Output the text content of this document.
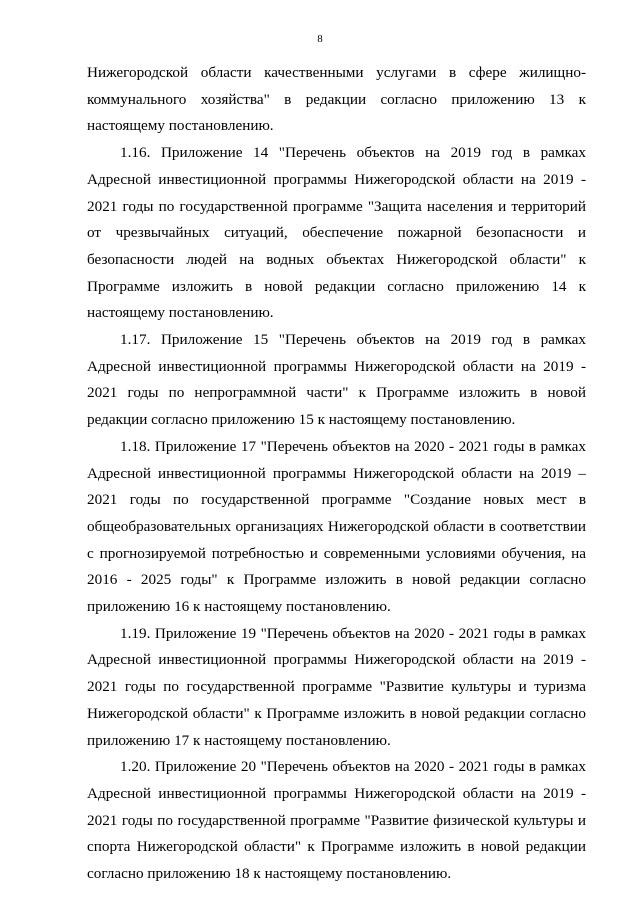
8

Нижегородской области качественными услугами в сфере жилищно-коммунального хозяйства" в редакции согласно приложению 13 к настоящему постановлению.

1.16. Приложение 14 "Перечень объектов на 2019 год в рамках Адресной инвестиционной программы Нижегородской области на 2019 - 2021 годы по государственной программе "Защита населения и территорий от чрезвычайных ситуаций, обеспечение пожарной безопасности и безопасности людей на водных объектах Нижегородской области" к Программе изложить в новой редакции согласно приложению 14 к настоящему постановлению.

1.17. Приложение 15 "Перечень объектов на 2019 год в рамках Адресной инвестиционной программы Нижегородской области на 2019 - 2021 годы по непрограммной части" к Программе изложить в новой редакции согласно приложению 15 к настоящему постановлению.

1.18. Приложение 17 "Перечень объектов на 2020 - 2021 годы в рамках Адресной инвестиционной программы Нижегородской области на 2019 – 2021 годы по государственной программе "Создание новых мест в общеобразовательных организациях Нижегородской области в соответствии с прогнозируемой потребностью и современными условиями обучения, на 2016 - 2025 годы" к Программе изложить в новой редакции согласно приложению 16 к настоящему постановлению.

1.19. Приложение 19 "Перечень объектов на 2020 - 2021 годы в рамках Адресной инвестиционной программы Нижегородской области на 2019 - 2021 годы по государственной программе "Развитие культуры и туризма Нижегородской области" к Программе изложить в новой редакции согласно приложению 17 к настоящему постановлению.

1.20. Приложение 20 "Перечень объектов на 2020 - 2021 годы в рамках Адресной инвестиционной программы Нижегородской области на 2019 - 2021 годы по государственной программе "Развитие физической культуры и спорта Нижегородской области" к Программе изложить в новой редакции согласно приложению 18 к настоящему постановлению.
